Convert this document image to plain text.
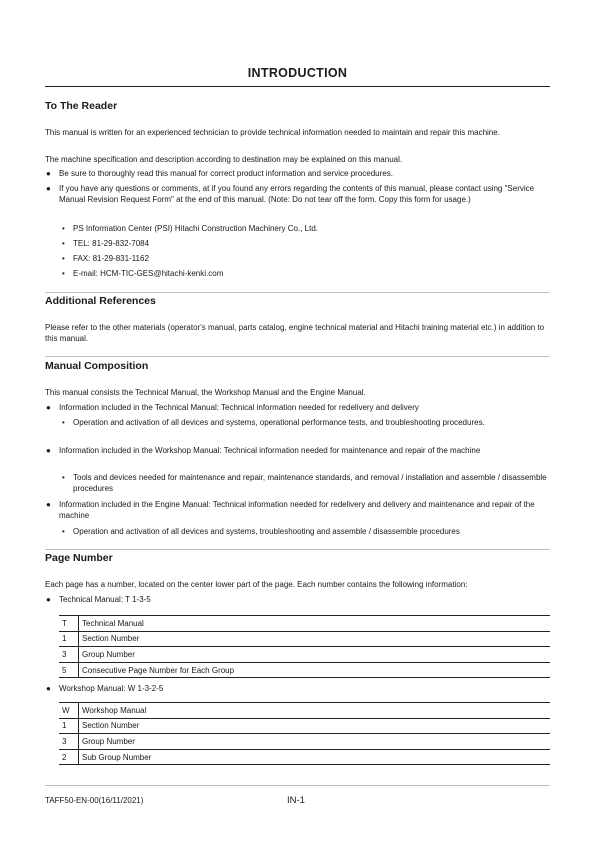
INTRODUCTION
To The Reader
This manual is written for an experienced technician to provide technical information needed to maintain and repair this machine.
The machine specification and description according to destination may be explained on this manual.
● Be sure to thoroughly read this manual for correct product information and service procedures.
● If you have any questions or comments, at if you found any errors regarding the contents of this manual, please contact using "Service Manual Revision Request Form" at the end of this manual. (Note: Do not tear off the form. Copy this form for usage.)
• PS Information Center (PSI) Hitachi Construction Machinery Co., Ltd.
• TEL: 81-29-832-7084
• FAX: 81-29-831-1162
• E-mail: HCM-TIC-GES@hitachi-kenki.com
Additional References
Please refer to the other materials (operator's manual, parts catalog, engine technical material and Hitachi training material etc.) in addition to this manual.
Manual Composition
This manual consists the Technical Manual, the Workshop Manual and the Engine Manual.
● Information included in the Technical Manual: Technical information needed for redelivery and delivery
• Operation and activation of all devices and systems, operational performance tests, and troubleshooting procedures.
● Information included in the Workshop Manual: Technical information needed for maintenance and repair of the machine
• Tools and devices needed for maintenance and repair, maintenance standards, and removal / installation and assemble / disassemble procedures
● Information included in the Engine Manual: Technical information needed for redelivery and delivery and maintenance and repair of the machine
• Operation and activation of all devices and systems, troubleshooting and assemble / disassemble procedures
Page Number
Each page has a number, located on the center lower part of the page. Each number contains the following information:
● Technical Manual: T 1-3-5
T	Technical Manual
1	Section Number
3	Group Number
5	Consecutive Page Number for Each Group
● Workshop Manual: W 1-3-2-5
W	Workshop Manual
1	Section Number
3	Group Number
2	Sub Group Number
TAFF50-EN-00(16/11/2021)	IN-1
